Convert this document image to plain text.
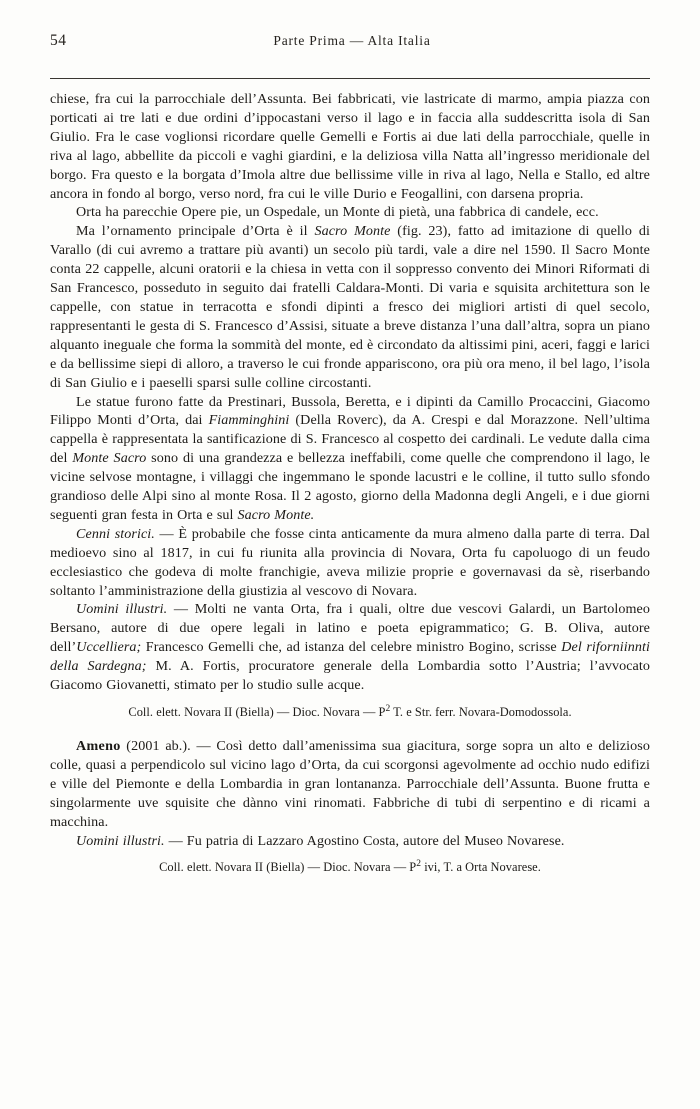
54	Parte Prima — Alta Italia

chiese, fra cui la parrocchiale dell’Assunta. Bei fabbricati, vie lastricate di marmo, ampia piazza con porticati ai tre lati e due ordini d’ippocastani verso il lago e in faccia alla suddescritta isola di San Giulio. Fra le case voglionsi ricordare quelle Gemelli e Fortis ai due lati della parrocchiale, quelle in riva al lago, abbellite da piccoli e vaghi giardini, e la deliziosa villa Natta all’ingresso meridionale del borgo. Fra questo e la borgata d’Imola altre due bellissime ville in riva al lago, Nella e Stallo, ed altre ancora in fondo al borgo, verso nord, fra cui le ville Durio e Feogallini, con darsena propria.

Orta ha parecchie Opere pie, un Ospedale, un Monte di pietà, una fabbrica di candele, ecc.

Ma l’ornamento principale d’Orta è il Sacro Monte (fig. 23), fatto ad imitazione di quello di Varallo (di cui avremo a trattare più avanti) un secolo più tardi, vale a dire nel 1590. Il Sacro Monte conta 22 cappelle, alcuni oratorii e la chiesa in vetta con il soppresso convento dei Minori Riformati di San Francesco, posseduto in seguito dai fratelli Caldara-Monti. Di varia e squisita architettura son le cappelle, con statue in terracotta e sfondi dipinti a fresco dei migliori artisti di quel secolo, rappresentanti le gesta di S. Francesco d’Assisi, situate a breve distanza l’una dall’altra, sopra un piano alquanto ineguale che forma la sommità del monte, ed è circondato da altissimi pini, aceri, faggi e larici e da bellissime siepi di alloro, a traverso le cui fronde appariscono, ora più ora meno, il bel lago, l’isola di San Giulio e i paeselli sparsi sulle colline circostanti.

Le statue furono fatte da Prestinari, Bussola, Beretta, e i dipinti da Camillo Procaccini, Giacomo Filippo Monti d’Orta, dai Fiamminghini (Della Roverc), da A. Crespi e dal Morazzone. Nell’ultima cappella è rappresentata la santificazione di S. Francesco al cospetto dei cardinali. Le vedute dalla cima del Monte Sacro sono di una grandezza e bellezza ineffabili, come quelle che comprendono il lago, le vicine selvose montagne, i villaggi che ingemmano le sponde lacustri e le colline, il tutto sullo sfondo grandioso delle Alpi sino al monte Rosa. Il 2 agosto, giorno della Madonna degli Angeli, e i due giorni seguenti gran festa in Orta e sul Sacro Monte.

Cenni storici. — È probabile che fosse cinta anticamente da mura almeno dalla parte di terra. Dal medioevo sino al 1817, in cui fu riunita alla provincia di Novara, Orta fu capoluogo di un feudo ecclesiastico che godeva di molte franchigie, aveva milizie proprie e governavasi da sè, riserbando soltanto l’amministrazione della giustizia al vescovo di Novara.

Uomini illustri. — Molti ne vanta Orta, fra i quali, oltre due vescovi Galardi, un Bartolomeo Bersano, autore di due opere legali in latino e poeta epigrammatico; G. B. Oliva, autore dell’Uccelliera; Francesco Gemelli che, ad istanza del celebre ministro Bogino, scrisse Del riforniinnti della Sardegna; M. A. Fortis, procuratore generale della Lombardia sotto l’Austria; l’avvocato Giacomo Giovanetti, stimato per lo studio sulle acque.

Coll. elett. Novara II (Biella) — Dioc. Novara — $P^2$ T. e Str. ferr. Novara-Domodossola.

Ameno (2001 ab.). — Così detto dall’amenissima sua giacitura, sorge sopra un alto e delizioso colle, quasi a perpendicolo sul vicino lago d’Orta, da cui scorgonsi agevolmente ad occhio nudo edifizi e ville del Piemonte e della Lombardia in gran lontananza. Parrocchiale dell’Assunta. Buone frutta e singolarmente uve squisite che dànno vini rinomati. Fabbriche di tubi di serpentino e di ricami a macchina.

Uomini illustri. — Fu patria di Lazzaro Agostino Costa, autore del Museo Novarese.

Coll. elett. Novara II (Biella) — Dioc. Novara — $P^2$ ivi, T. a Orta Novarese.
